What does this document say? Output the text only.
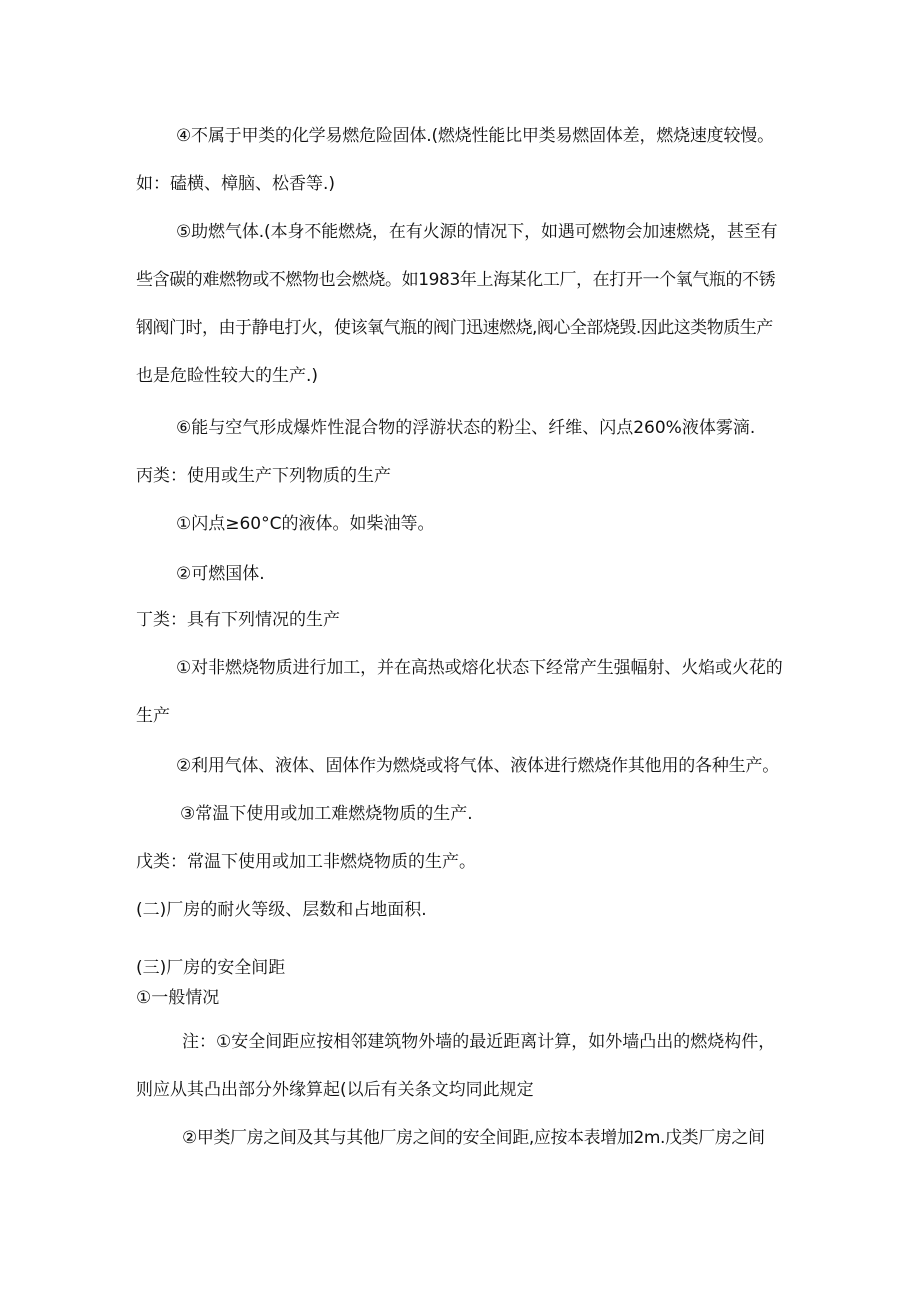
④不属于甲类的化学易燃危险固体.(燃烧性能比甲类易燃固体差，燃烧速度较慢。
如：磕横、樟脑、松香等.)
⑤助燃气体.(本身不能燃烧，在有火源的情况下，如遇可燃物会加速燃烧，甚至有
些含碳的难燃物或不燃物也会燃烧。如1983年上海某化工厂，在打开一个氧气瓶的不锈
钢阀门时，由于静电打火，使该氧气瓶的阀门迅速燃烧,阀心全部烧毁.因此这类物质生产
也是危睑性较大的生产.)
⑥能与空气形成爆炸性混合物的浮游状态的粉尘、纤维、闪点260%液体雾滴.
丙类：使用或生产下列物质的生产
①闪点≥60°C的液体。如柴油等。
②可燃国体.
丁类：具有下列情况的生产
①对非燃烧物质进行加工，并在高热或熔化状态下经常产生强幅射、火焰或火花的
生产
②利用气体、液体、固体作为燃烧或将气体、液体进行燃烧作其他用的各种生产。
③常温下使用或加工难燃烧物质的生产.
戊类：常温下使用或加工非燃烧物质的生产。
(二)厂房的耐火等级、层数和占地面积.
(三)厂房的安全间距
①一般情况
注：①安全间距应按相邻建筑物外墙的最近距离计算，如外墙凸出的燃烧构件，
则应从其凸出部分外缘算起(以后有关条文均同此规定
②甲类厂房之间及其与其他厂房之间的安全间距,应按本表增加2m.戊类厂房之间
